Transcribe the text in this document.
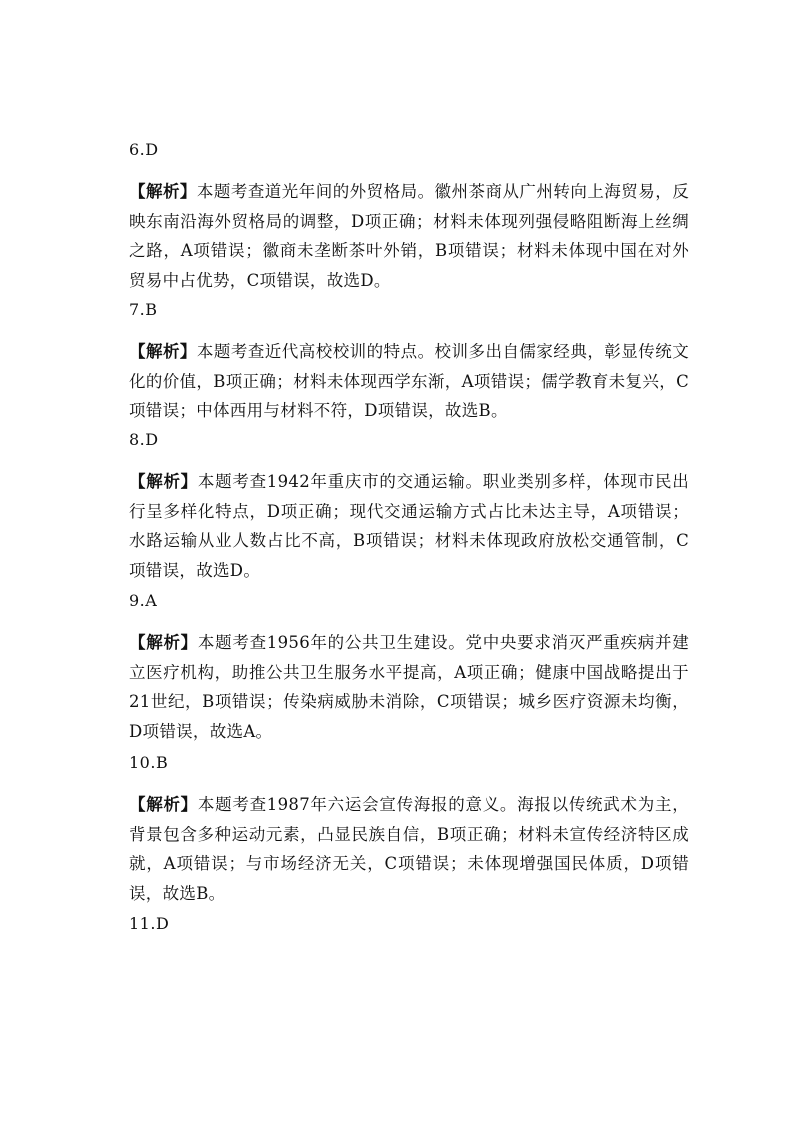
6.D
【解析】本题考查道光年间的外贸格局。徽州茶商从广州转向上海贸易，反映东南沿海外贸格局的调整，D项正确；材料未体现列强侵略阻断海上丝绸之路，A项错误；徽商未垄断茶叶外销，B项错误；材料未体现中国在对外贸易中占优势，C项错误，故选D。
7.B
【解析】本题考查近代高校校训的特点。校训多出自儒家经典，彰显传统文化的价值，B项正确；材料未体现西学东渐，A项错误；儒学教育未复兴，C项错误；中体西用与材料不符，D项错误，故选B。
8.D
【解析】本题考查1942年重庆市的交通运输。职业类别多样，体现市民出行呈多样化特点，D项正确；现代交通运输方式占比未达主导，A项错误；水路运输从业人数占比不高，B项错误；材料未体现政府放松交通管制，C项错误，故选D。
9.A
【解析】本题考查1956年的公共卫生建设。党中央要求消灭严重疾病并建立医疗机构，助推公共卫生服务水平提高，A项正确；健康中国战略提出于21世纪，B项错误；传染病威胁未消除，C项错误；城乡医疗资源未均衡，D项错误，故选A。
10.B
【解析】本题考查1987年六运会宣传海报的意义。海报以传统武术为主，背景包含多种运动元素，凸显民族自信，B项正确；材料未宣传经济特区成就，A项错误；与市场经济无关，C项错误；未体现增强国民体质，D项错误，故选B。
11.D
